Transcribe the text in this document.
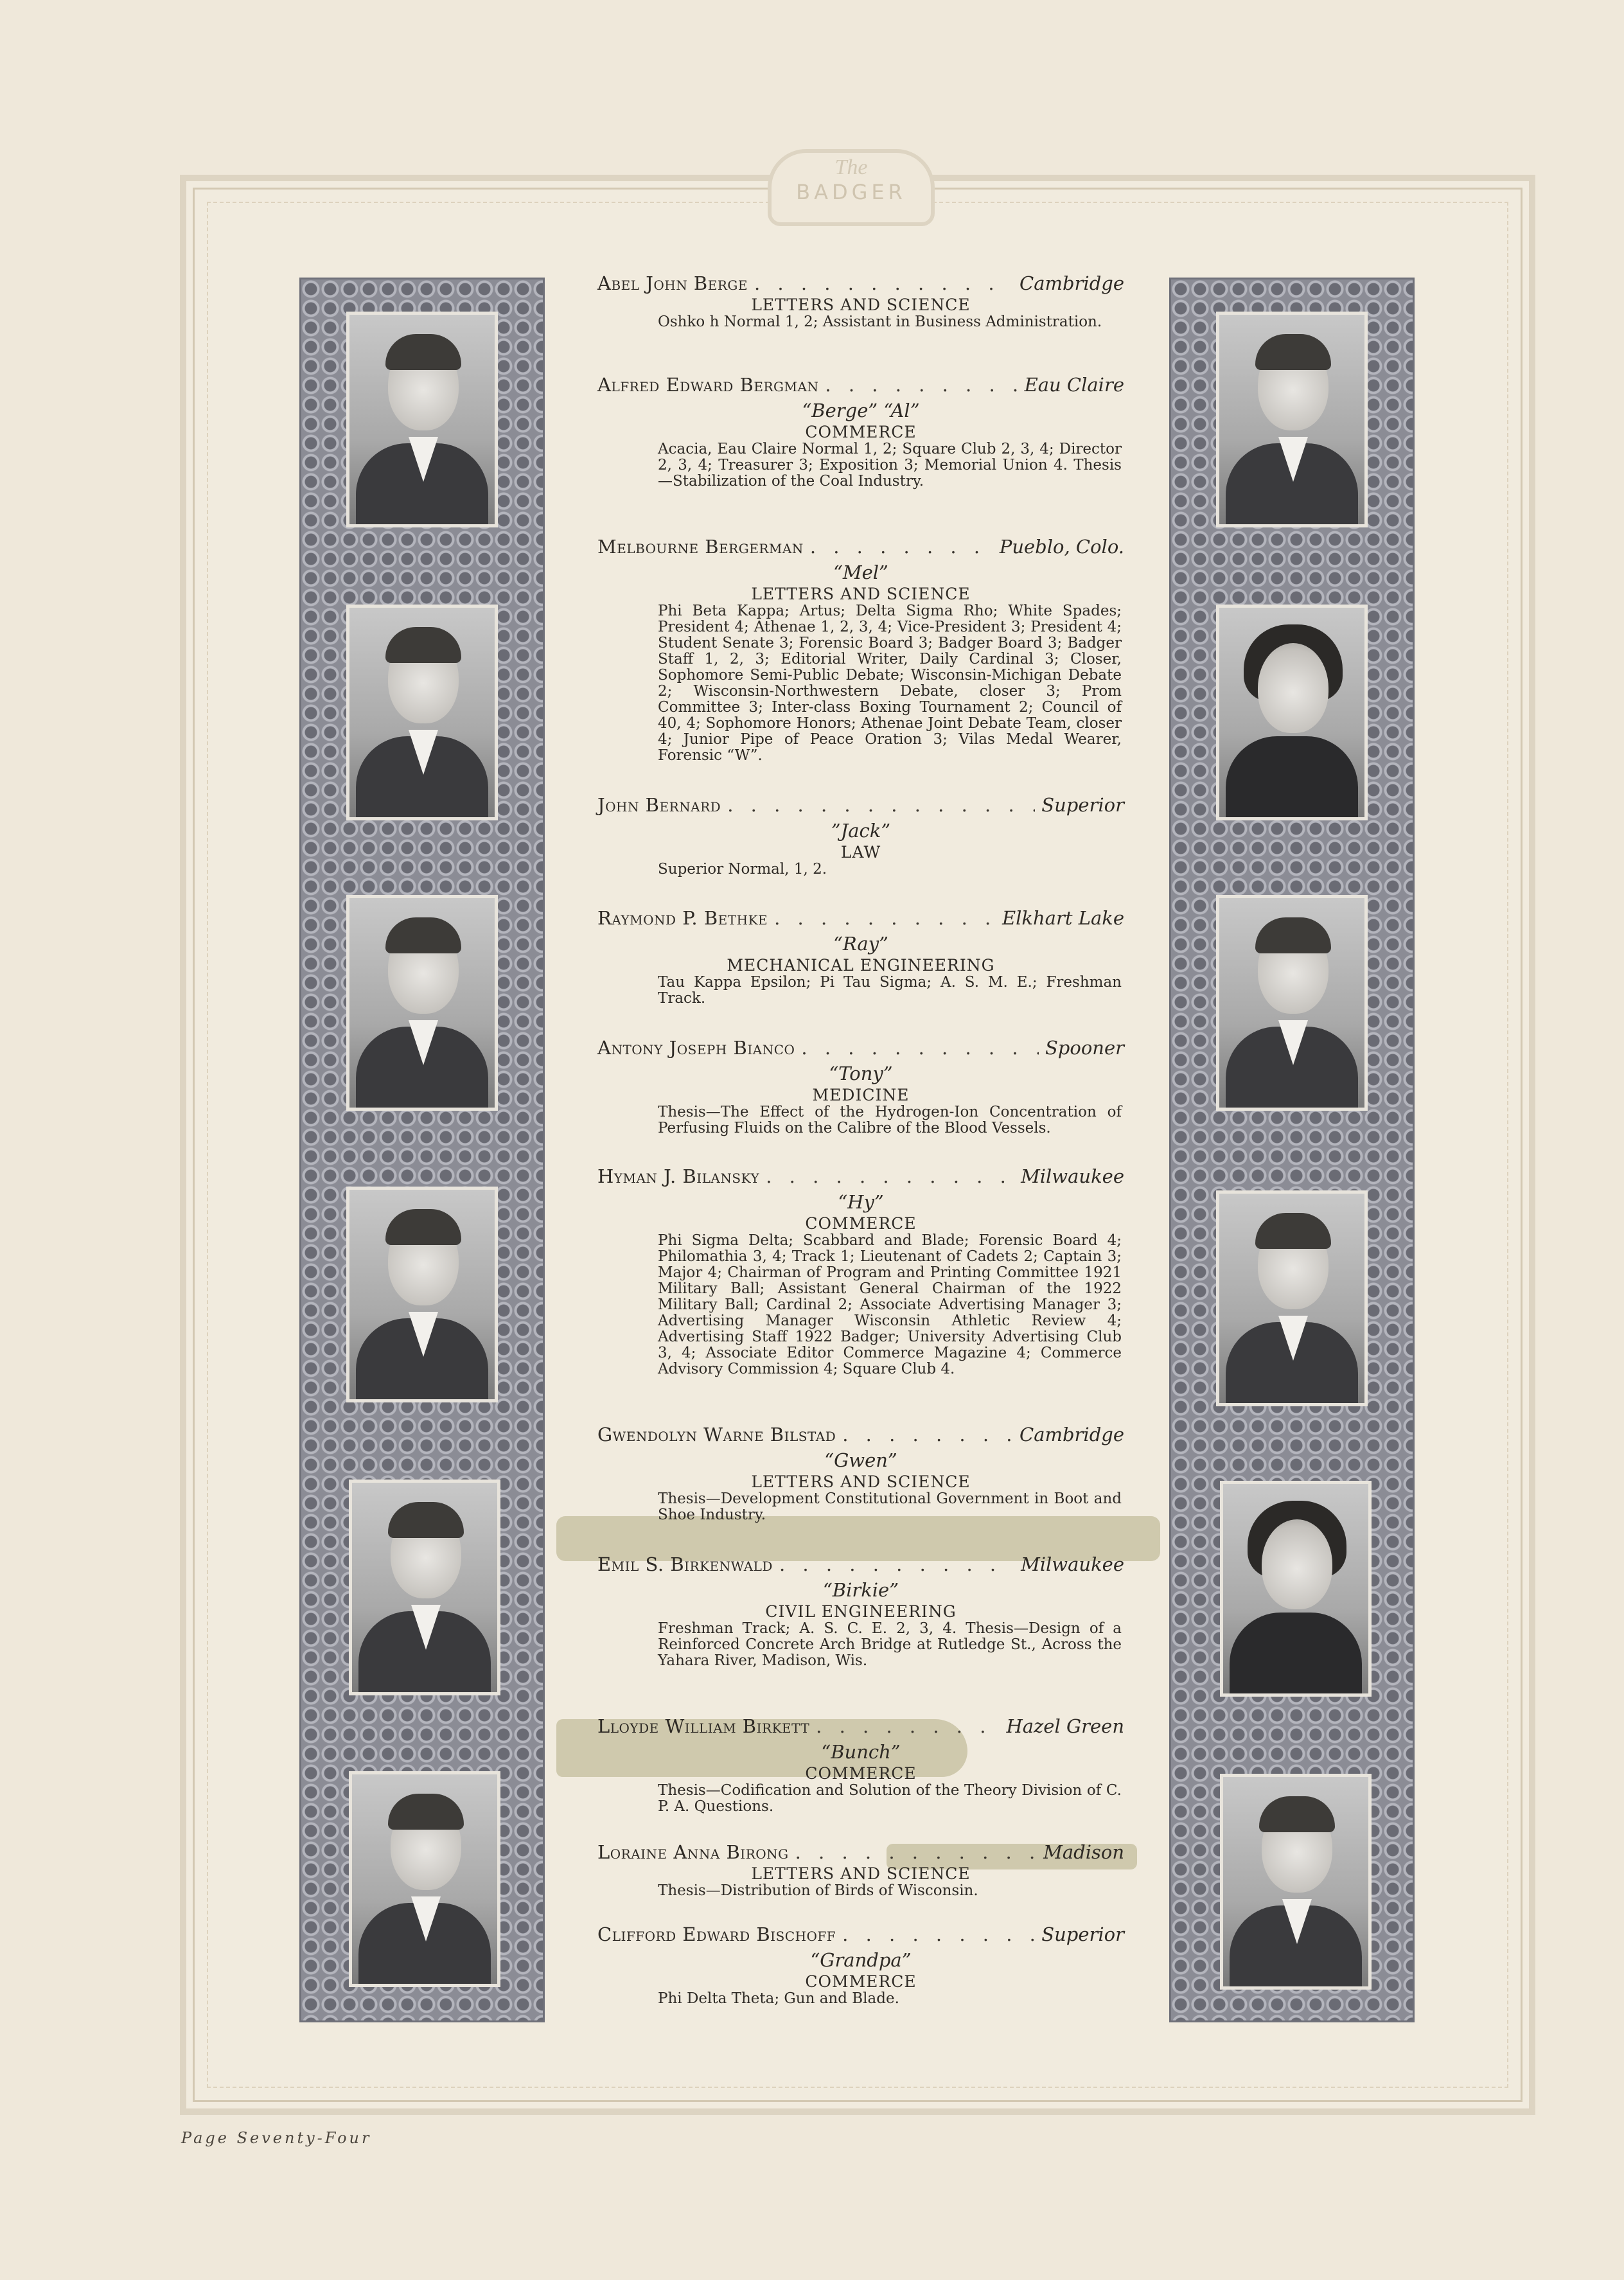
The
BADGER
Abel John Berge . . .	Cambridge
LETTERS AND SCIENCE
Oshko h Normal 1, 2; Assistant in Business Administration.
Alfred Edward Bergman . . .	Eau Claire
“Berge” “Al”
COMMERCE
Acacia, Eau Claire Normal 1, 2; Square Club 2, 3, 4; Director 2, 3, 4; Treasurer 3; Exposition 3; Memorial Union 4. Thesis—Stabilization of the Coal Industry.
Melbourne Bergerman . . .	Pueblo, Colo.
“Mel”
LETTERS AND SCIENCE
Phi Beta Kappa; Artus; Delta Sigma Rho; White Spades; President 4; Athenae 1, 2, 3, 4; Vice-President 3; President 4; Student Senate 3; Forensic Board 3; Badger Board 3; Badger Staff 1, 2, 3; Editorial Writer, Daily Cardinal 3; Closer, Sophomore Semi-Public Debate; Wisconsin-Michigan Debate 2; Wisconsin-Northwestern Debate, closer 3; Prom Committee 3; Inter-class Boxing Tournament 2; Council of 40, 4; Sophomore Honors; Athenae Joint Debate Team, closer 4; Junior Pipe of Peace Oration 3; Vilas Medal Wearer, Forensic “W”.
John Bernard . . .	Superior
”Jack”
LAW
Superior Normal, 1, 2.
Raymond P. Bethke . . .	Elkhart Lake
“Ray”
MECHANICAL ENGINEERING
Tau Kappa Epsilon; Pi Tau Sigma; A. S. M. E.; Freshman Track.
Antony Joseph Bianco . . .	Spooner
“Tony”
MEDICINE
Thesis—The Effect of the Hydrogen-Ion Concentration of Perfusing Fluids on the Calibre of the Blood Vessels.
Hyman J. Bilansky . . .	Milwaukee
“Hy”
COMMERCE
Phi Sigma Delta; Scabbard and Blade; Forensic Board 4; Philomathia 3, 4; Track 1; Lieutenant of Cadets 2; Captain 3; Major 4; Chairman of Program and Printing Committee 1921 Military Ball; Assistant General Chairman of the 1922 Military Ball; Cardinal 2; Associate Advertising Manager 3; Advertising Manager Wisconsin Athletic Review 4; Advertising Staff 1922 Badger; University Advertising Club 3, 4; Associate Editor Commerce Magazine 4; Commerce Advisory Commission 4; Square Club 4.
Gwendolyn Warne Bilstad . . .	Cambridge
“Gwen”
LETTERS AND SCIENCE
Thesis—Development Constitutional Government in Boot and Shoe Industry.
Emil S. Birkenwald . . .	Milwaukee
“Birkie”
CIVIL ENGINEERING
Freshman Track; A. S. C. E. 2, 3, 4. Thesis—Design of a Reinforced Concrete Arch Bridge at Rutledge St., Across the Yahara River, Madison, Wis.
Lloyde William Birkett . . .	Hazel Green
“Bunch”
COMMERCE
Thesis—Codification and Solution of the Theory Division of C. P. A. Questions.
Loraine Anna Birong . . .	Madison
LETTERS AND SCIENCE
Thesis—Distribution of Birds of Wisconsin.
Clifford Edward Bischoff . . .	Superior
“Grandpa”
COMMERCE
Phi Delta Theta; Gun and Blade.
Page Seventy-Four
